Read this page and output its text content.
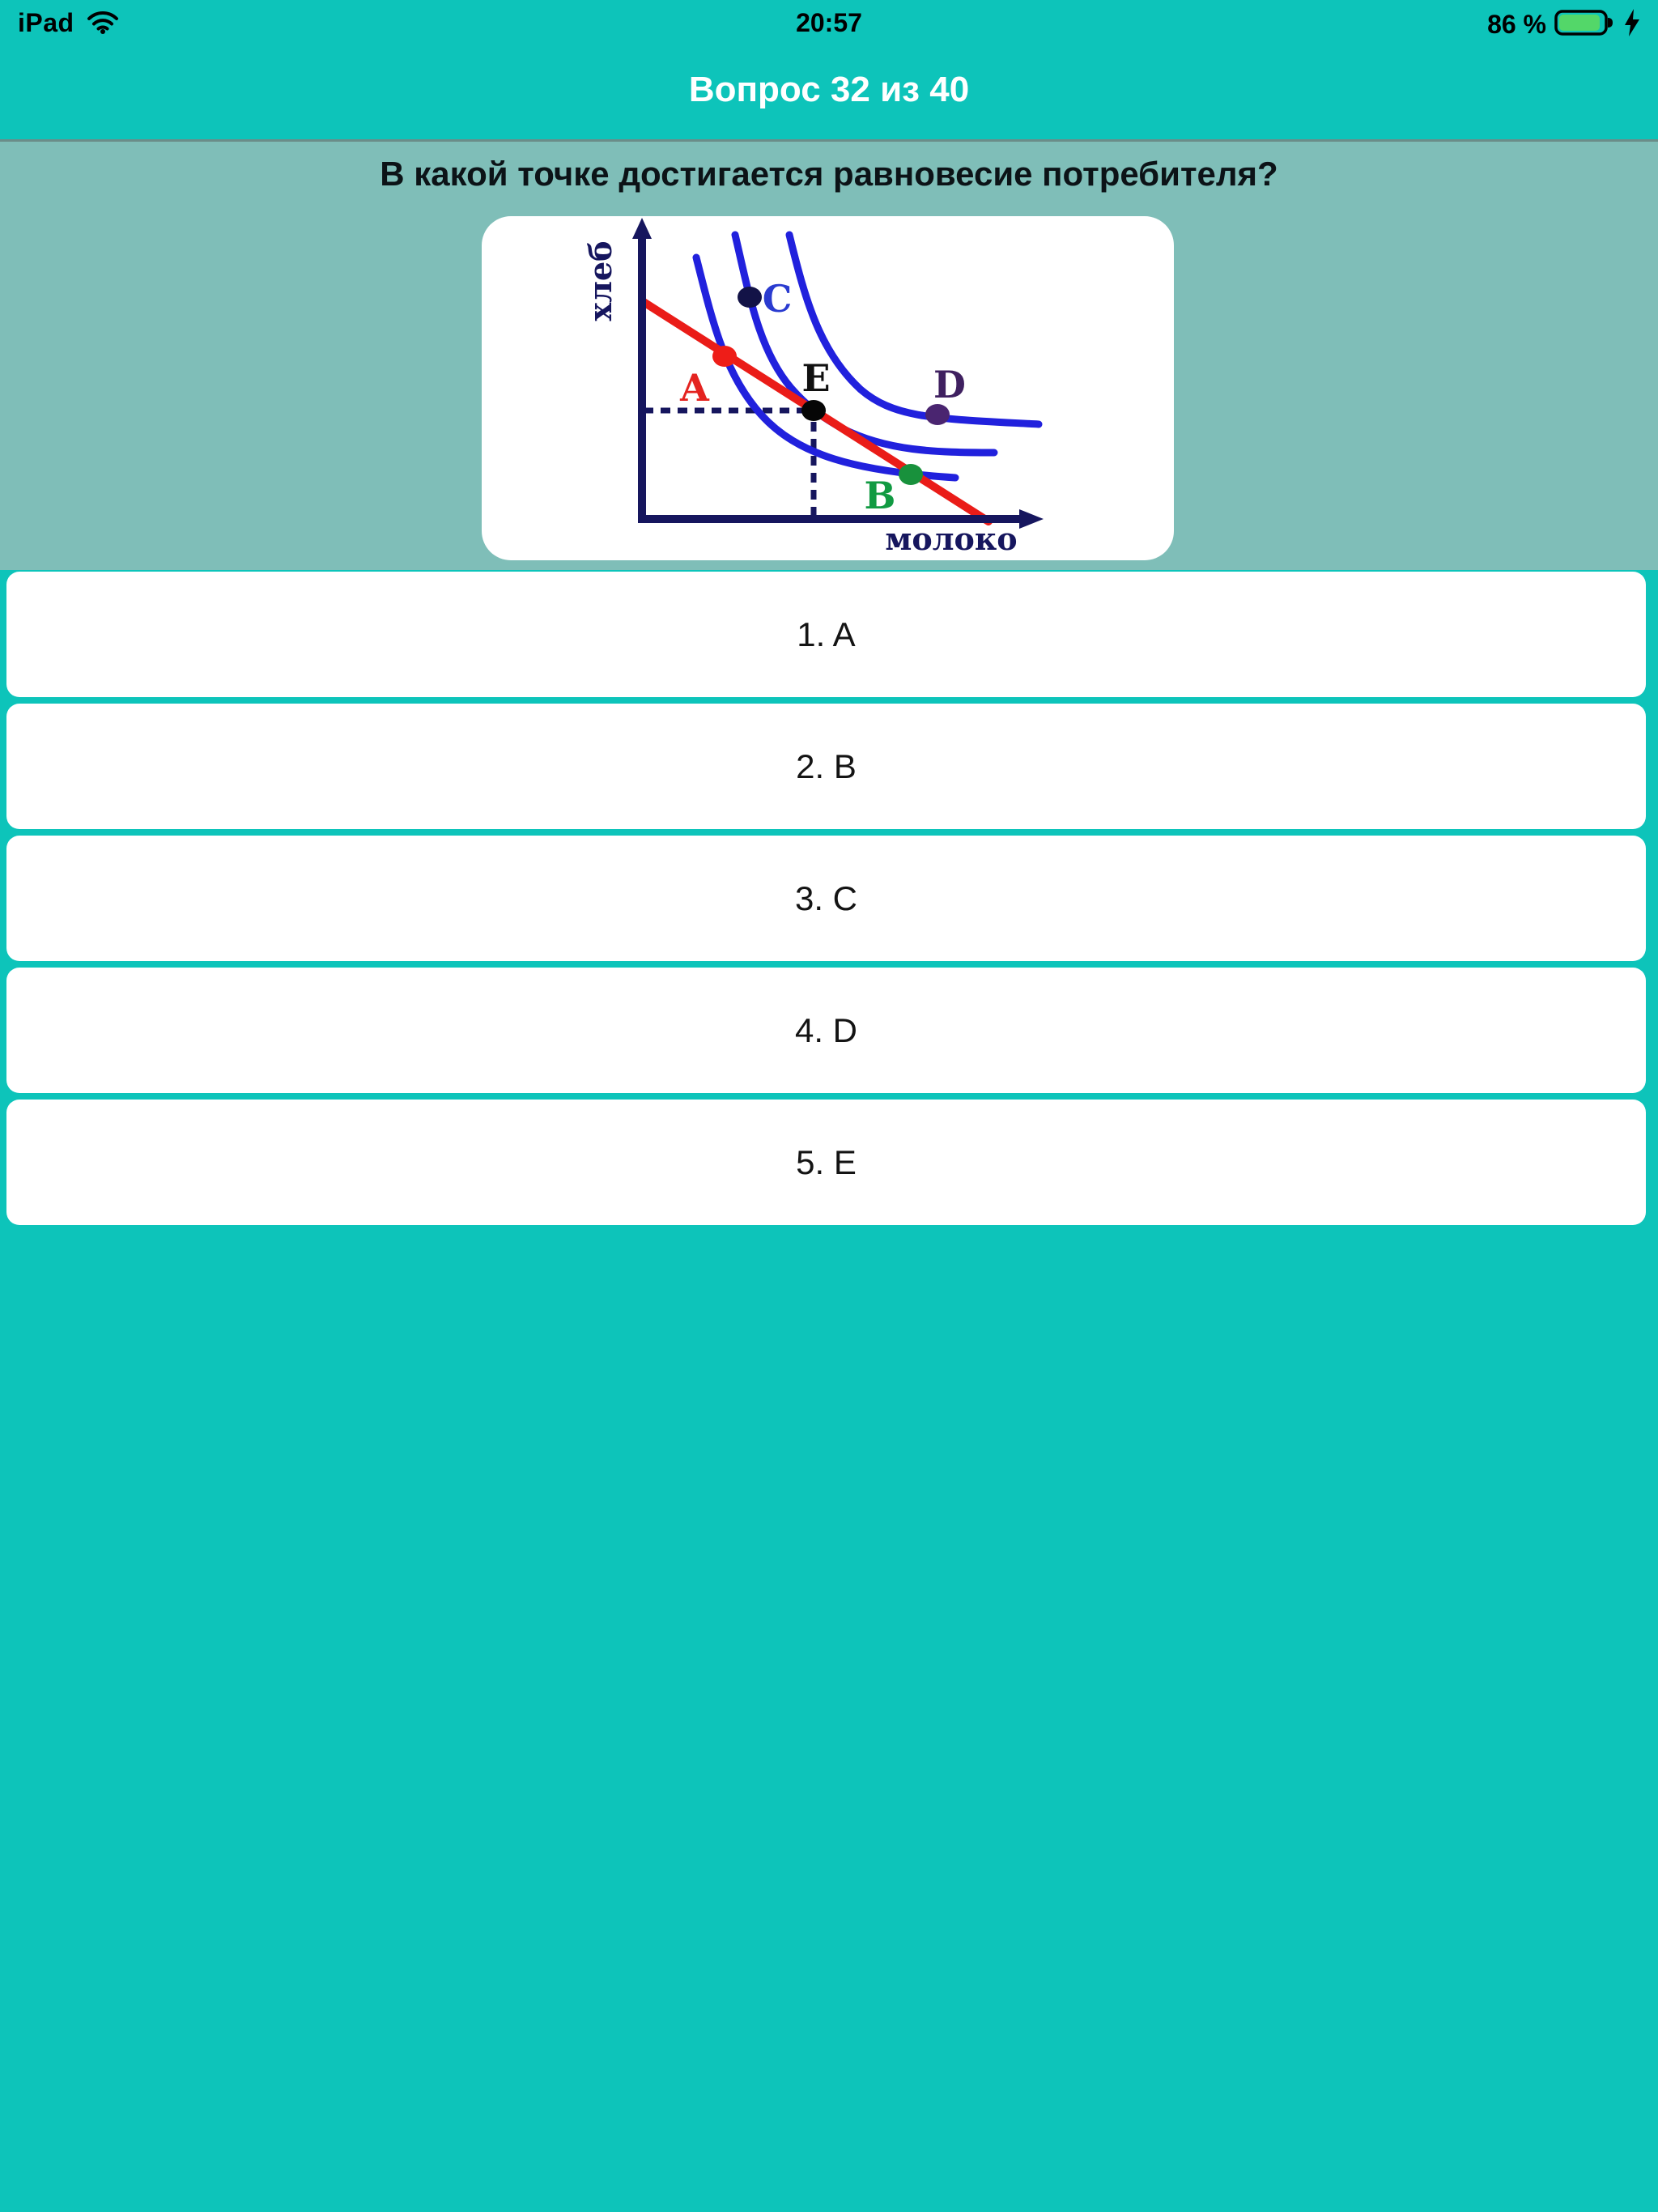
iPad	20:57	86 %
Вопрос 32 из 40
В какой точке достигается равновесие потребителя?
A
B
C
D
E
хлеб
молоко
1. A
2. B
3. C
4. D
5. E
